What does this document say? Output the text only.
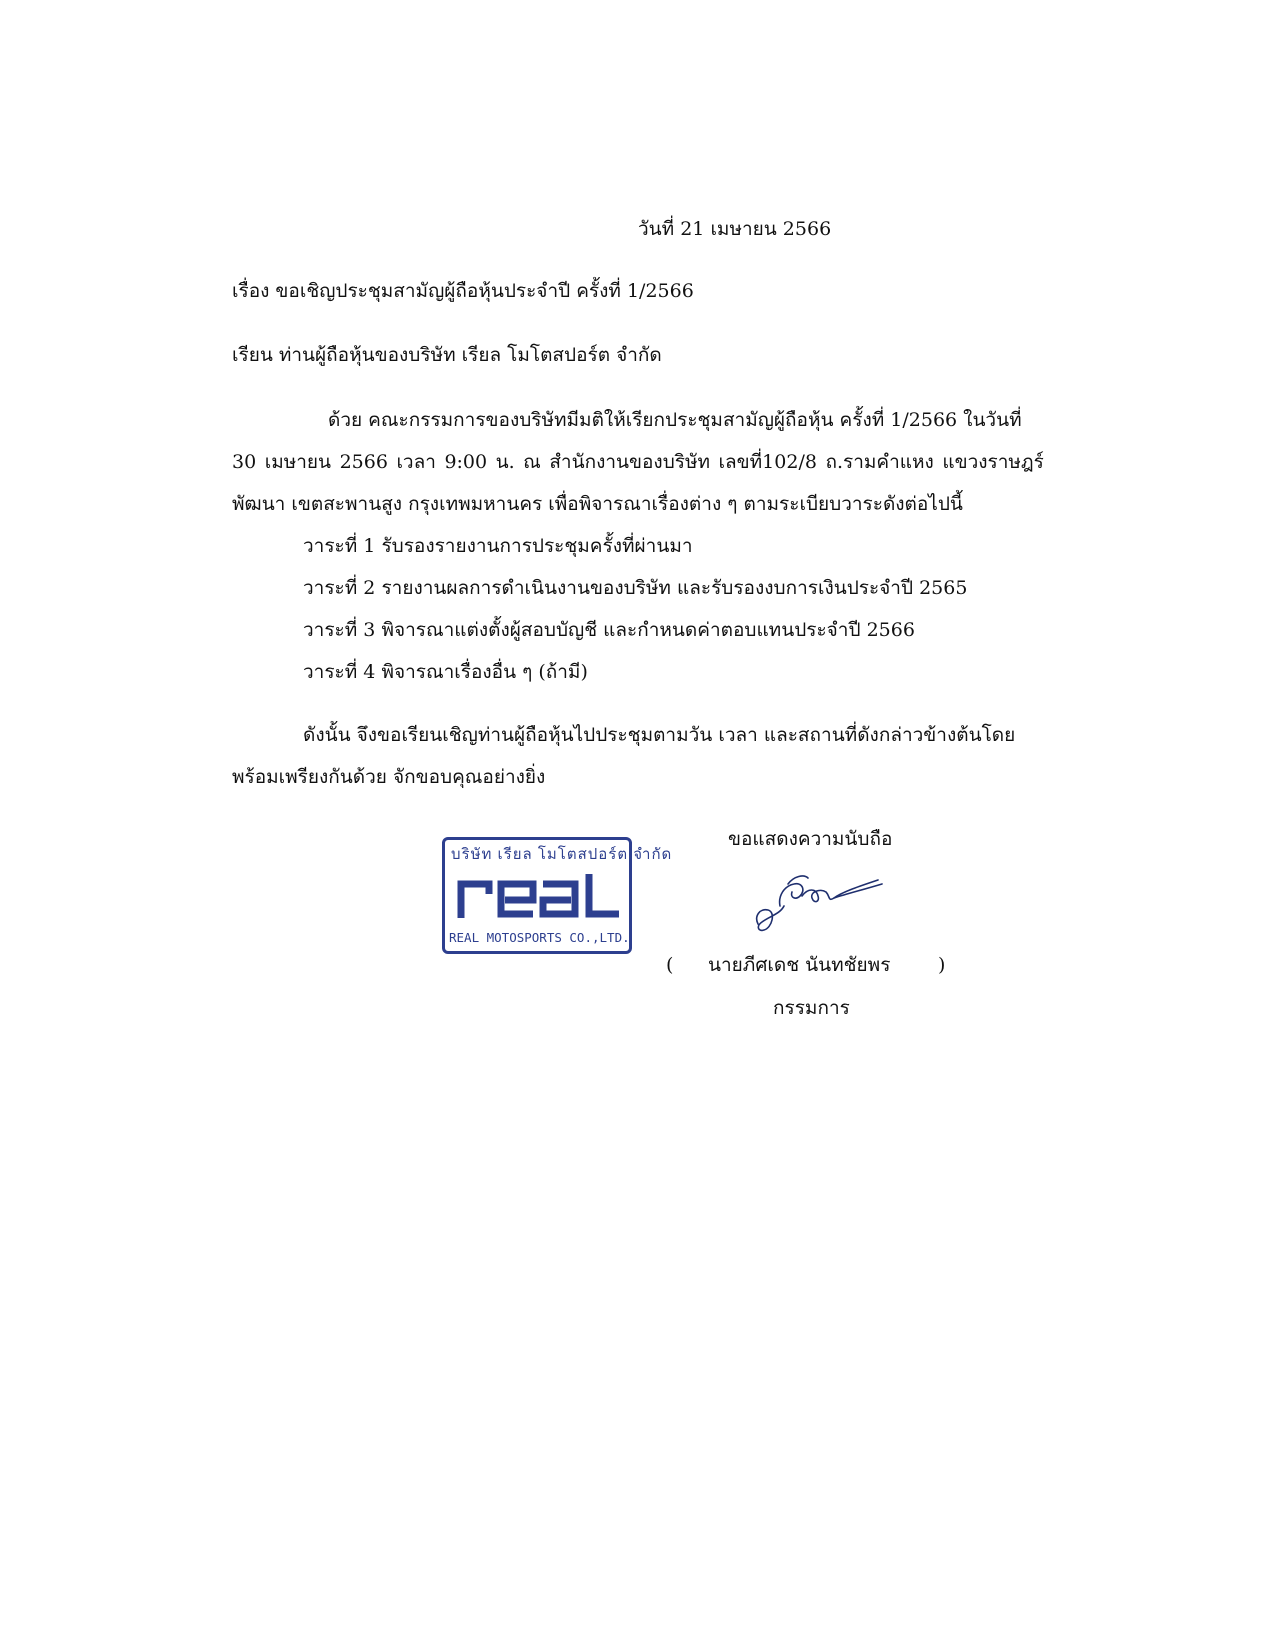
วันที่ 21 เมษายน 2566
เรื่อง ขอเชิญประชุมสามัญผู้ถือหุ้นประจำปี ครั้งที่ 1/2566
เรียน ท่านผู้ถือหุ้นของบริษัท เรียล โมโตสปอร์ต จำกัด
ด้วย คณะกรรมการของบริษัทมีมติให้เรียกประชุมสามัญผู้ถือหุ้น ครั้งที่ 1/2566 ในวันที่
30 เมษายน 2566 เวลา 9:00 น. ณ สำนักงานของบริษัท เลขที่102/8 ถ.รามคำแหง แขวงราษฎร์
พัฒนา เขตสะพานสูง กรุงเทพมหานคร เพื่อพิจารณาเรื่องต่าง ๆ ตามระเบียบวาระดังต่อไปนี้
วาระที่ 1 รับรองรายงานการประชุมครั้งที่ผ่านมา
วาระที่ 2 รายงานผลการดำเนินงานของบริษัท และรับรองงบการเงินประจำปี 2565
วาระที่ 3 พิจารณาแต่งตั้งผู้สอบบัญชี และกำหนดค่าตอบแทนประจำปี 2566
วาระที่ 4 พิจารณาเรื่องอื่น ๆ (ถ้ามี)
ดังนั้น จึงขอเรียนเชิญท่านผู้ถือหุ้นไปประชุมตามวัน เวลา และสถานที่ดังกล่าวข้างต้นโดย
พร้อมเพรียงกันด้วย จักขอบคุณอย่างยิ่ง
ขอแสดงความนับถือ
บริษัท เรียล โมโตสปอร์ต จำกัด
REAL MOTOSPORTS CO.,LTD.
( นายภีศเดช นันทชัยพร	)
กรรมการ
